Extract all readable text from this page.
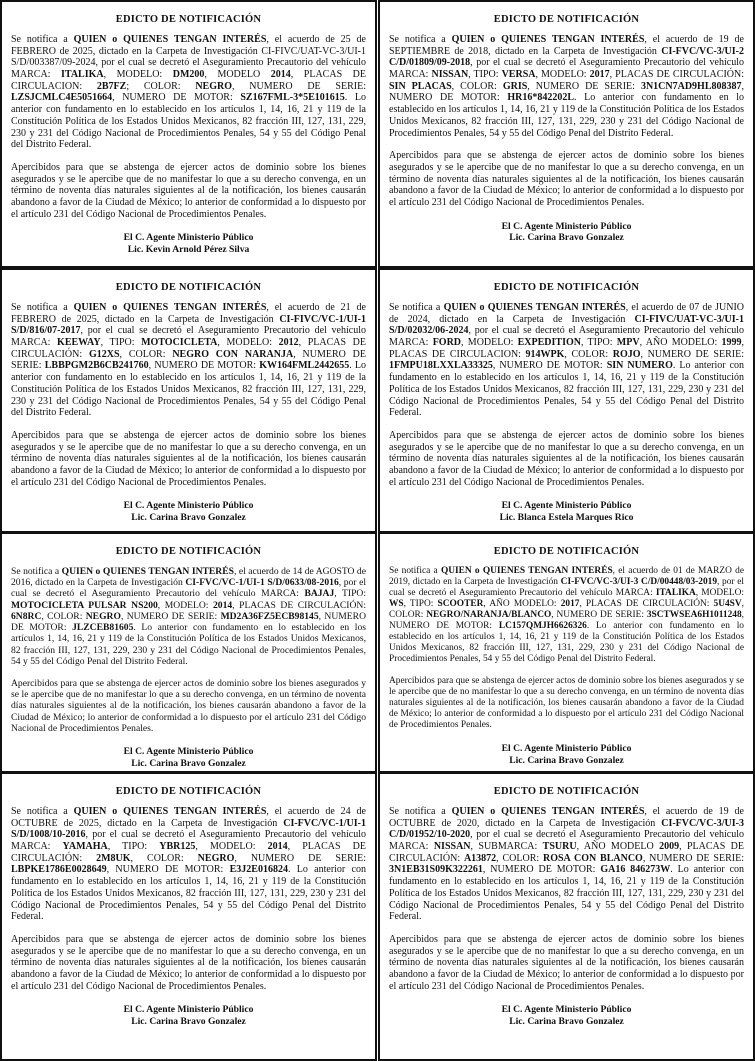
EDICTO DE NOTIFICACIÓN

Se notifica a QUIEN o QUIENES TENGAN INTERÉS, el acuerdo de 25 de FEBRERO de 2025, dictado en la Carpeta de Investigación CI-FIVC/UAT-VC-3/UI-1 S/D/003387/09-2024, por el cual se decretó el Aseguramiento Precautorio del vehículo MARCA: ITALIKA, MODELO: DM200, MODELO 2014, PLACAS DE CIRCULACION: 2B7FZ; COLOR: NEGRO, NUMERO DE SERIE: LZSJCMLC4E5051664, NUMERO DE MOTOR: SZ167FML-3*5E101615. Lo anterior con fundamento en lo establecido en los artículos 1, 14, 16, 21 y 119 de la Constitución Política de los Estados Unidos Mexicanos, 82 fracción III, 127, 131, 229, 230 y 231 del Código Nacional de Procedimientos Penales, 54 y 55 del Código Penal del Distrito Federal.

Apercibidos para que se abstenga de ejercer actos de dominio sobre los bienes asegurados y se le apercibe que de no manifestar lo que a su derecho convenga, en un término de noventa días naturales siguientes al de la notificación, los bienes causarán abandono a favor de la Ciudad de México; lo anterior de conformidad a lo dispuesto por el artículo 231 del Código Nacional de Procedimientos Penales.

El C. Agente Ministerio Público
Lic. Kevin Arnold Pérez Silva
EDICTO DE NOTIFICACIÓN

Se notifica a QUIEN o QUIENES TENGAN INTERÉS, el acuerdo de 19 de SEPTIEMBRE de 2018, dictado en la Carpeta de Investigación CI-FVC/VC-3/UI-2 C/D/01809/09-2018, por el cual se decretó el Aseguramiento Precautorio del vehículo MARCA: NISSAN, TIPO: VERSA, MODELO: 2017, PLACAS DE CIRCULACIÓN: SIN PLACAS, COLOR: GRIS, NUMERO DE SERIE: 3N1CN7AD9HL808387, NUMERO DE MOTOR: HR16*842202L. Lo anterior con fundamento en lo establecido en los artículos 1, 14, 16, 21 y 119 de la Constitución Política de los Estados Unidos Mexicanos, 82 fracción III, 127, 131, 229, 230 y 231 del Código Nacional de Procedimientos Penales, 54 y 55 del Código Penal del Distrito Federal.

Apercibidos para que se abstenga de ejercer actos de dominio sobre los bienes asegurados y se le apercibe que de no manifestar lo que a su derecho convenga, en un término de noventa días naturales siguientes al de la notificación, los bienes causarán abandono a favor de la Ciudad de México; lo anterior de conformidad a lo dispuesto por el artículo 231 del Código Nacional de Procedimientos Penales.

El C. Agente Ministerio Público
Lic. Carina Bravo Gonzalez
EDICTO DE NOTIFICACIÓN

Se notifica a QUIEN o QUIENES TENGAN INTERÉS, el acuerdo de 21 de FEBRERO de 2025, dictado en la Carpeta de Investigación CI-FIVC/VC-1/UI-1 S/D/816/07-2017, por el cual se decretó el Aseguramiento Precautorio del vehículo MARCA: KEEWAY, TIPO: MOTOCICLETA, MODELO: 2012, PLACAS DE CIRCULACIÓN: G12XS, COLOR: NEGRO CON NARANJA, NUMERO DE SERIE: LBBPGM2B6CB241760, NUMERO DE MOTOR: KW164FML2442655. Lo anterior con fundamento en lo establecido en los artículos 1, 14, 16, 21 y 119 de la Constitución Política de los Estados Unidos Mexicanos, 82 fracción III, 127, 131, 229, 230 y 231 del Código Nacional de Procedimientos Penales, 54 y 55 del Código Penal del Distrito Federal.

Apercibidos para que se abstenga de ejercer actos de dominio sobre los bienes asegurados y se le apercibe que de no manifestar lo que a su derecho convenga, en un término de noventa días naturales siguientes al de la notificación, los bienes causarán abandono a favor de la Ciudad de México; lo anterior de conformidad a lo dispuesto por el artículo 231 del Código Nacional de Procedimientos Penales.

El C. Agente Ministerio Público
Lic. Carina Bravo Gonzalez
EDICTO DE NOTIFICACIÓN

Se notifica a QUIEN o QUIENES TENGAN INTERÉS, el acuerdo de 07 de JUNIO de 2024, dictado en la Carpeta de Investigación CI-FIVC/UAT-VC-3/UI-1 S/D/02032/06-2024, por el cual se decretó el Aseguramiento Precautorio del vehículo MARCA: FORD, MODELO: EXPEDITION, TIPO: MPV, AÑO MODELO: 1999, PLACAS DE CIRCULACION: 914WPK, COLOR: ROJO, NUMERO DE SERIE: 1FMPU18LXXLA33325, NUMERO DE MOTOR: SIN NUMERO. Lo anterior con fundamento en lo establecido en los artículos 1, 14, 16, 21 y 119 de la Constitución Política de los Estados Unidos Mexicanos, 82 fracción III, 127, 131, 229, 230 y 231 del Código Nacional de Procedimientos Penales, 54 y 55 del Código Penal del Distrito Federal.

Apercibidos para que se abstenga de ejercer actos de dominio sobre los bienes asegurados y se le apercibe que de no manifestar lo que a su derecho convenga, en un término de noventa días naturales siguientes al de la notificación, los bienes causarán abandono a favor de la Ciudad de México; lo anterior de conformidad a lo dispuesto por el artículo 231 del Código Nacional de Procedimientos Penales.

El C. Agente Ministerio Público
Lic. Blanca Estela Marques Rico
EDICTO DE NOTIFICACIÓN

Se notifica a QUIEN o QUIENES TENGAN INTERÉS, el acuerdo de 14 de AGOSTO de 2016, dictado en la Carpeta de Investigación CI-FVC/VC-1/UI-1 S/D/0633/08-2016, por el cual se decretó el Aseguramiento Precautorio del vehículo MARCA: BAJAJ, TIPO: MOTOCICLETA PULSAR NS200, MODELO: 2014, PLACAS DE CIRCULACIÓN: 6N8RC, COLOR: NEGRO, NUMERO DE SERIE: MD2A36FZ5ECB98145, NUMERO DE MOTOR: JLZCEB81605. Lo anterior con fundamento en lo establecido en los artículos 1, 14, 16, 21 y 119 de la Constitución Política de los Estados Unidos Mexicanos, 82 fracción III, 127, 131, 229, 230 y 231 del Código Nacional de Procedimientos Penales, 54 y 55 del Código Penal del Distrito Federal.

Apercibidos para que se abstenga de ejercer actos de dominio sobre los bienes asegurados y se le apercibe que de no manifestar lo que a su derecho convenga, en un término de noventa días naturales siguientes al de la notificación, los bienes causarán abandono a favor de la Ciudad de México; lo anterior de conformidad a lo dispuesto por el artículo 231 del Código Nacional de Procedimientos Penales.

El C. Agente Ministerio Público
Lic. Carina Bravo Gonzalez
EDICTO DE NOTIFICACIÓN

Se notifica a QUIEN o QUIENES TENGAN INTERÉS, el acuerdo de 01 de MARZO de 2019, dictado en la Carpeta de Investigación CI-FVC/VC-3/UI-3 C/D/00448/03-2019, por el cual se decretó el Aseguramiento Precautorio del vehículo MARCA: ITALIKA, MODELO: WS, TIPO: SCOOTER, AÑO MODELO: 2017, PLACAS DE CIRCULACIÓN: 5U4SV, COLOR: NEGRO/NARANJA/BLANCO, NUMERO DE SERIE: 3SCTWSEA6H1011248, NUMERO DE MOTOR: LC157QMJH6626326. Lo anterior con fundamento en lo establecido en los artículos 1, 14, 16, 21 y 119 de la Constitución Política de los Estados Unidos Mexicanos, 82 fracción III, 127, 131, 229, 230 y 231 del Código Nacional de Procedimientos Penales, 54 y 55 del Código Penal del Distrito Federal.

Apercibidos para que se abstenga de ejercer actos de dominio sobre los bienes asegurados y se le apercibe que de no manifestar lo que a su derecho convenga, en un término de noventa días naturales siguientes al de la notificación, los bienes causarán abandono a favor de la Ciudad de México; lo anterior de conformidad a lo dispuesto por el artículo 231 del Código Nacional de Procedimientos Penales.

El C. Agente Ministerio Público
Lic. Carina Bravo Gonzalez
EDICTO DE NOTIFICACIÓN

Se notifica a QUIEN o QUIENES TENGAN INTERÉS, el acuerdo de 24 de OCTUBRE de 2025, dictado en la Carpeta de Investigación CI-FVC/VC-1/UI-1 S/D/1008/10-2016, por el cual se decretó el Aseguramiento Precautorio del vehículo MARCA: YAMAHA, TIPO: YBR125, MODELO: 2014, PLACAS DE CIRCULACIÓN: 2M8UK, COLOR: NEGRO, NUMERO DE SERIE: LBPKE1786E0028649, NUMERO DE MOTOR: E3J2E016824. Lo anterior con fundamento en lo establecido en los artículos 1, 14, 16, 21 y 119 de la Constitución Política de los Estados Unidos Mexicanos, 82 fracción III, 127, 131, 229, 230 y 231 del Código Nacional de Procedimientos Penales, 54 y 55 del Código Penal del Distrito Federal.

Apercibidos para que se abstenga de ejercer actos de dominio sobre los bienes asegurados y se le apercibe que de no manifestar lo que a su derecho convenga, en un término de noventa días naturales siguientes al de la notificación, los bienes causarán abandono a favor de la Ciudad de México; lo anterior de conformidad a lo dispuesto por el artículo 231 del Código Nacional de Procedimientos Penales.

El C. Agente Ministerio Público
Lic. Carina Bravo Gonzalez
EDICTO DE NOTIFICACIÓN

Se notifica a QUIEN o QUIENES TENGAN INTERÉS, el acuerdo de 19 de OCTUBRE de 2020, dictado en la Carpeta de Investigación CI-FVC/VC-3/UI-3 C/D/01952/10-2020, por el cual se decretó el Aseguramiento Precautorio del vehículo MARCA: NISSAN, SUBMARCA: TSURU, AÑO MODELO 2009, PLACAS DE CIRCULACIÓN: A13872, COLOR: ROSA CON BLANCO, NUMERO DE SERIE: 3N1EB31S09K322261, NUMERO DE MOTOR: GA16 846273W. Lo anterior con fundamento en lo establecido en los artículos 1, 14, 16, 21 y 119 de la Constitución Política de los Estados Unidos Mexicanos, 82 fracción III, 127, 131, 229, 230 y 231 del Código Nacional de Procedimientos Penales, 54 y 55 del Código Penal del Distrito Federal.

Apercibidos para que se abstenga de ejercer actos de dominio sobre los bienes asegurados y se le apercibe que de no manifestar lo que a su derecho convenga, en un término de noventa días naturales siguientes al de la notificación, los bienes causarán abandono a favor de la Ciudad de México; lo anterior de conformidad a lo dispuesto por el artículo 231 del Código Nacional de Procedimientos Penales.

El C. Agente Ministerio Público
Lic. Carina Bravo Gonzalez
